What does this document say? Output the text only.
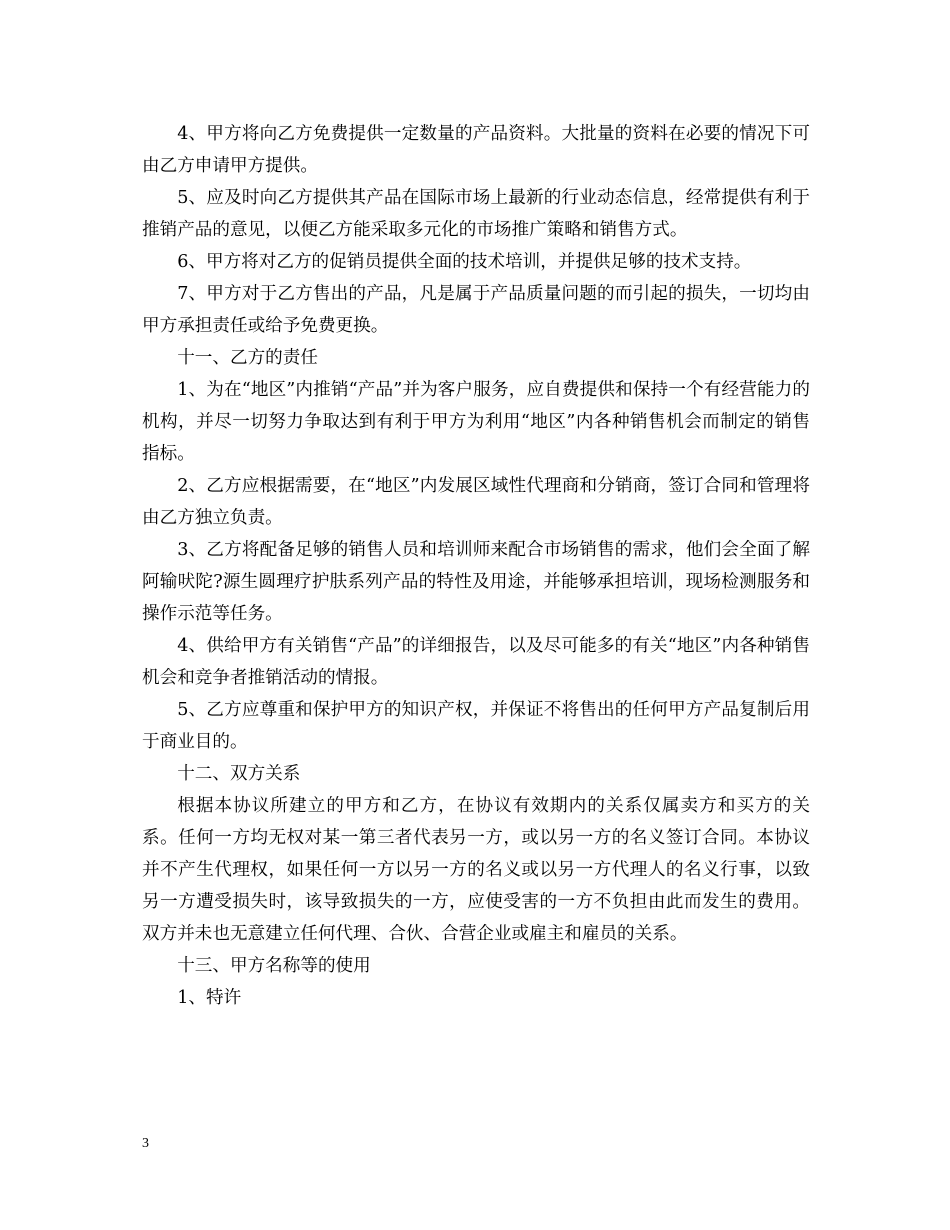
4、甲方将向乙方免费提供一定数量的产品资料。大批量的资料在必要的情况下可由乙方申请甲方提供。

5、应及时向乙方提供其产品在国际市场上最新的行业动态信息，经常提供有利于推销产品的意见，以便乙方能采取多元化的市场推广策略和销售方式。

6、甲方将对乙方的促销员提供全面的技术培训，并提供足够的技术支持。

7、甲方对于乙方售出的产品，凡是属于产品质量问题的而引起的损失，一切均由甲方承担责任或给予免费更换。

十一、乙方的责任

1、为在“地区”内推销“产品”并为客户服务，应自费提供和保持一个有经营能力的机构，并尽一切努力争取达到有利于甲方为利用“地区”内各种销售机会而制定的销售指标。

2、乙方应根据需要，在“地区”内发展区域性代理商和分销商，签订合同和管理将由乙方独立负责。

3、乙方将配备足够的销售人员和培训师来配合市场销售的需求，他们会全面了解阿输吠陀?源生圆理疗护肤系列产品的特性及用途，并能够承担培训，现场检测服务和操作示范等任务。

4、供给甲方有关销售“产品”的详细报告，以及尽可能多的有关“地区”内各种销售机会和竞争者推销活动的情报。

5、乙方应尊重和保护甲方的知识产权，并保证不将售出的任何甲方产品复制后用于商业目的。

十二、双方关系

根据本协议所建立的甲方和乙方，在协议有效期内的关系仅属卖方和买方的关系。任何一方均无权对某一第三者代表另一方，或以另一方的名义签订合同。本协议并不产生代理权，如果任何一方以另一方的名义或以另一方代理人的名义行事，以致另一方遭受损失时，该导致损失的一方，应使受害的一方不负担由此而发生的费用。双方并未也无意建立任何代理、合伙、合营企业或雇主和雇员的关系。

十三、甲方名称等的使用

1、特许

3
